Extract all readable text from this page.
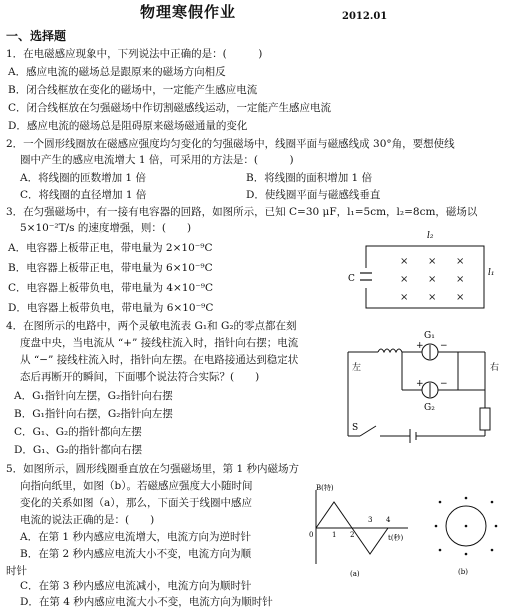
物理寒假作业	2012.01
一、选择题
1．在电磁感应现象中，下列说法中正确的是：(　　　)
A．感应电流的磁场总是跟原来的磁场方向相反
B．闭合线框放在变化的磁场中，一定能产生感应电流
C．闭合线框放在匀强磁场中作切割磁感线运动，一定能产生感应电流
D．感应电流的磁场总是阻碍原来磁场磁通量的变化
2．一个圆形线圈放在磁感应强度均匀变化的匀强磁场中，线圈平面与磁感线成 30°角，要想使线
圈中产生的感应电流增大 1 倍，可采用的方法是：(　　　)
A．将线圈的匝数增加 1 倍	B．将线圈的面积增加 1 倍
C．将线圈的直径增加 1 倍	D．使线圈平面与磁感线垂直
3．在匀强磁场中，有一接有电容器的回路，如图所示，已知 C=30 μF，l₁=5cm，l₂=8cm，磁场以
5×10⁻²T/s 的速度增强，则：(　　)
A．电容器上板带正电，带电量为 2×10⁻⁹C
B．电容器上板带正电，带电量为 6×10⁻⁹C
C．电容器上板带负电，带电量为 4×10⁻⁹C
D．电容器上板带负电，带电量为 6×10⁻⁹C
C
l₂
l₁
× × ×
× × ×
× × ×
4．在图所示的电路中，两个灵敏电流表 G₁和 G₂的零点都在刻
度盘中央，当电流从 “+” 接线柱流入时，指针向右摆；电流
从 “−” 接线柱流入时，指针向左摆。在电路接通达到稳定状
态后再断开的瞬间，下面哪个说法符合实际？(　　)
A．G₁指针向左摆，G₂指针向右摆
B．G₁指针向右摆，G₂指针向左摆
C．G₁、G₂的指针都向左摆
D．G₁、G₂的指针都向右摆
G₁
G₂
左	右
S
+ −
+ −
5．如图所示，圆形线圈垂直放在匀强磁场里，第 1 秒内磁场方
向指向纸里，如图（b）。若磁感应强度大小随时间
变化的关系如图（a），那么，下面关于线圈中感应
电流的说法正确的是：(　　)
A．在第 1 秒内感应电流增大，电流方向为逆时针
B．在第 2 秒内感应电流大小不变，电流方向为顺
时针
C．在第 3 秒内感应电流减小，电流方向为顺时针
D．在第 4 秒内感应电流大小不变，电流方向为顺时针
B(特)
t(秒)
0	1 2
3 4
(a)	(b)
